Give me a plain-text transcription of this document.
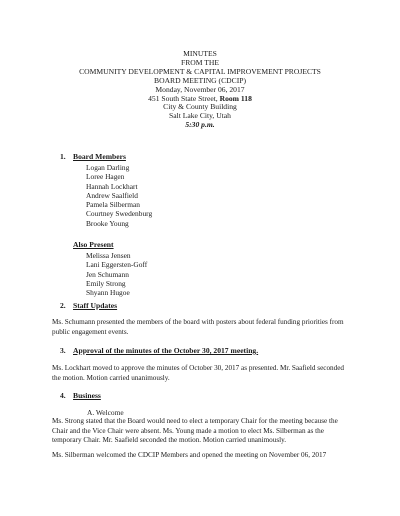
MINUTES
FROM THE
COMMUNITY DEVELOPMENT & CAPITAL IMPROVEMENT PROJECTS
BOARD MEETING (CDCIP)
Monday, November 06, 2017
451 South State Street, Room 118
City & County Building
Salt Lake City, Utah
5:30 p.m.
1. Board Members
Logan Darling
Loree Hagen
Hannah Lockhart
Andrew Saalfield
Pamela Silberman
Courtney Swedenburg
Brooke Young
Also Present
Melissa Jensen
Lani Eggersten-Goff
Jen Schumann
Emily Strong
Shyann Hugoe
2. Staff Updates
Ms. Schumann presented the members of the board with posters about federal funding priorities from public engagement events.
3. Approval of the minutes of the October 30, 2017 meeting.
Ms. Lockhart moved to approve the minutes of October 30, 2017 as presented. Mr. Saafield seconded the motion. Motion carried unanimously.
4. Business
A. Welcome
Ms. Strong stated that the Board would need to elect a temporary Chair for the meeting because the Chair and the Vice Chair were absent. Ms. Young made a motion to elect Ms. Silberman as the temporary Chair. Mr. Saafield seconded the motion. Motion carried unanimously.
Ms. Silberman welcomed the CDCIP Members and opened the meeting on November 06, 2017
